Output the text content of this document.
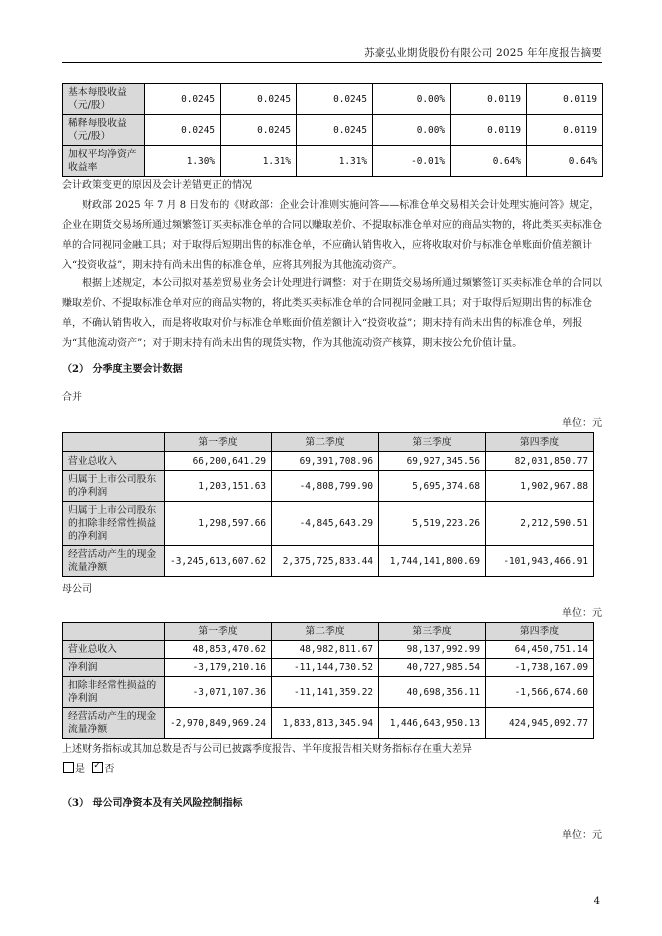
苏豪弘业期货股份有限公司 2025 年年度报告摘要
基本每股收益（元/股）	0.0245	0.0245	0.0245	0.00%	0.0119	0.0119
稀释每股收益（元/股）	0.0245	0.0245	0.0245	0.00%	0.0119	0.0119
加权平均净资产收益率	1.30%	1.31%	1.31%	-0.01%	0.64%	0.64%
会计政策变更的原因及会计差错更正的情况
财政部 2025 年 7 月 8 日发布的《财政部：企业会计准则实施问答——标准仓单交易相关会计处理实施问答》规定，企业在期货交易场所通过频繁签订买卖标准仓单的合同以赚取差价、不提取标准仓单对应的商品实物的，将此类买卖标准仓单的合同视同金融工具；对于取得后短期出售的标准仓单，不应确认销售收入，应将收取对价与标准仓单账面价值差额计入“投资收益”，期末持有尚未出售的标准仓单，应将其列报为其他流动资产。
根据上述规定，本公司拟对基差贸易业务会计处理进行调整：对于在期货交易场所通过频繁签订买卖标准仓单的合同以赚取差价、不提取标准仓单对应的商品实物的，将此类买卖标准仓单的合同视同金融工具；对于取得后短期出售的标准仓单，不确认销售收入，而是将收取对价与标准仓单账面价值差额计入“投资收益”；期末持有尚未出售的标准仓单，列报为“其他流动资产”；对于期末持有尚未出售的现货实物，作为其他流动资产核算，期末按公允价值计量。
（2） 分季度主要会计数据
合并
单位：元
	第一季度	第二季度	第三季度	第四季度
营业总收入	66,200,641.29	69,391,708.96	69,927,345.56	82,031,850.77
归属于上市公司股东的净利润	1,203,151.63	-4,808,799.90	5,695,374.68	1,902,967.88
归属于上市公司股东的扣除非经常性损益的净利润	1,298,597.66	-4,845,643.29	5,519,223.26	2,212,590.51
经营活动产生的现金流量净额	-3,245,613,607.62	2,375,725,833.44	1,744,141,800.69	-101,943,466.91
母公司
单位：元
	第一季度	第二季度	第三季度	第四季度
营业总收入	48,853,470.62	48,982,811.67	98,137,992.99	64,450,751.14
净利润	-3,179,210.16	-11,144,730.52	40,727,985.54	-1,738,167.09
扣除非经常性损益的净利润	-3,071,107.36	-11,141,359.22	40,698,356.11	-1,566,674.60
经营活动产生的现金流量净额	-2,970,849,969.24	1,833,813,345.94	1,446,643,950.13	424,945,092.77
上述财务指标或其加总数是否与公司已披露季度报告、半年度报告相关财务指标存在重大差异
是 ✓ 否
（3） 母公司净资本及有关风险控制指标
单位：元
4
